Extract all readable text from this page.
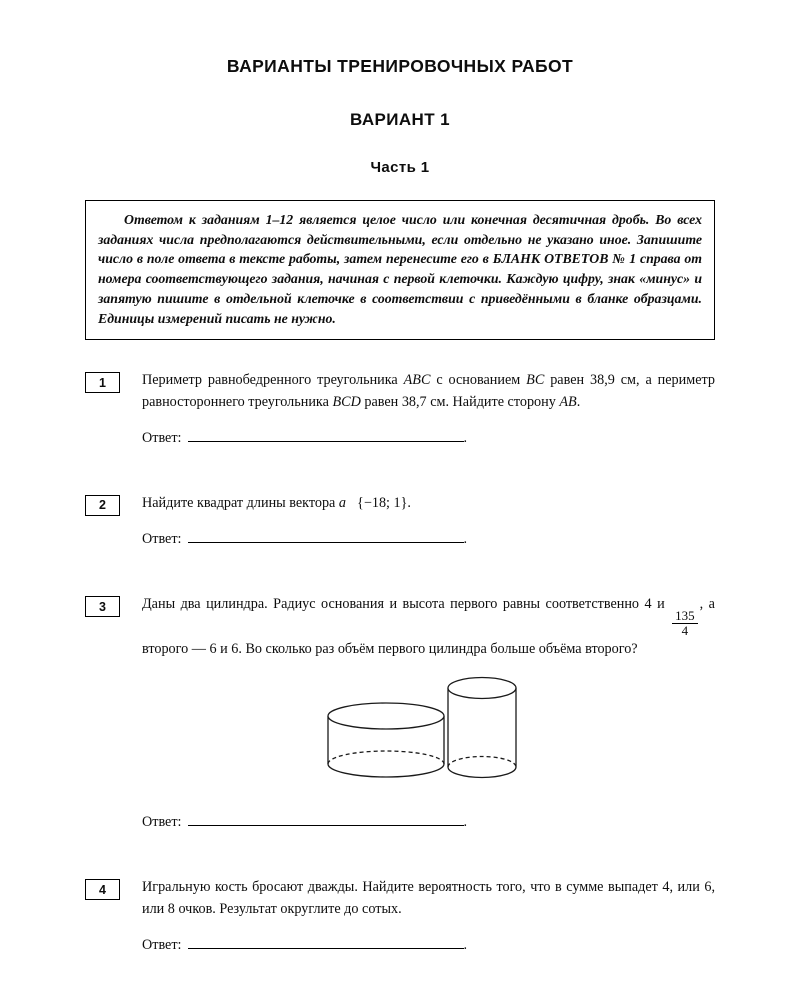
ВАРИАНТЫ ТРЕНИРОВОЧНЫХ РАБОТ
ВАРИАНТ 1
Часть 1

Ответом к заданиям 1–12 является целое число или конечная десятичная дробь. Во всех заданиях числа предполагаются действительными, если отдельно не указано иное. Запишите число в поле ответа в тексте работы, затем перенесите его в БЛАНК ОТВЕТОВ № 1 справа от номера соответствующего задания, начиная с первой клеточки. Каждую цифру, знак «минус» и запятую пишите в отдельной клеточке в соответствии с приведёнными в бланке образцами. Единицы измерений писать не нужно.

1	Периметр равнобедренного треугольника ABC с основанием BC равен 38,9 см, а периметр равностороннего треугольника BCD равен 38,7 см. Найдите сторону AB.

Ответ:	.

2	Найдите квадрат длины вектора a⃗{−18; 1}.

Ответ:	.

3	Даны два цилиндра. Радиус основания и высота первого равны соответственно 4 и
$\frac{135}{4}$
, а второго — 6 и 6. Во сколько раз объём первого цилиндра больше объёма второго?

Ответ:	.

4	Игральную кость бросают дважды. Найдите вероятность того, что в сумме выпадет 4, или 6, или 8 очков. Результат округлите до сотых.

Ответ:	.
